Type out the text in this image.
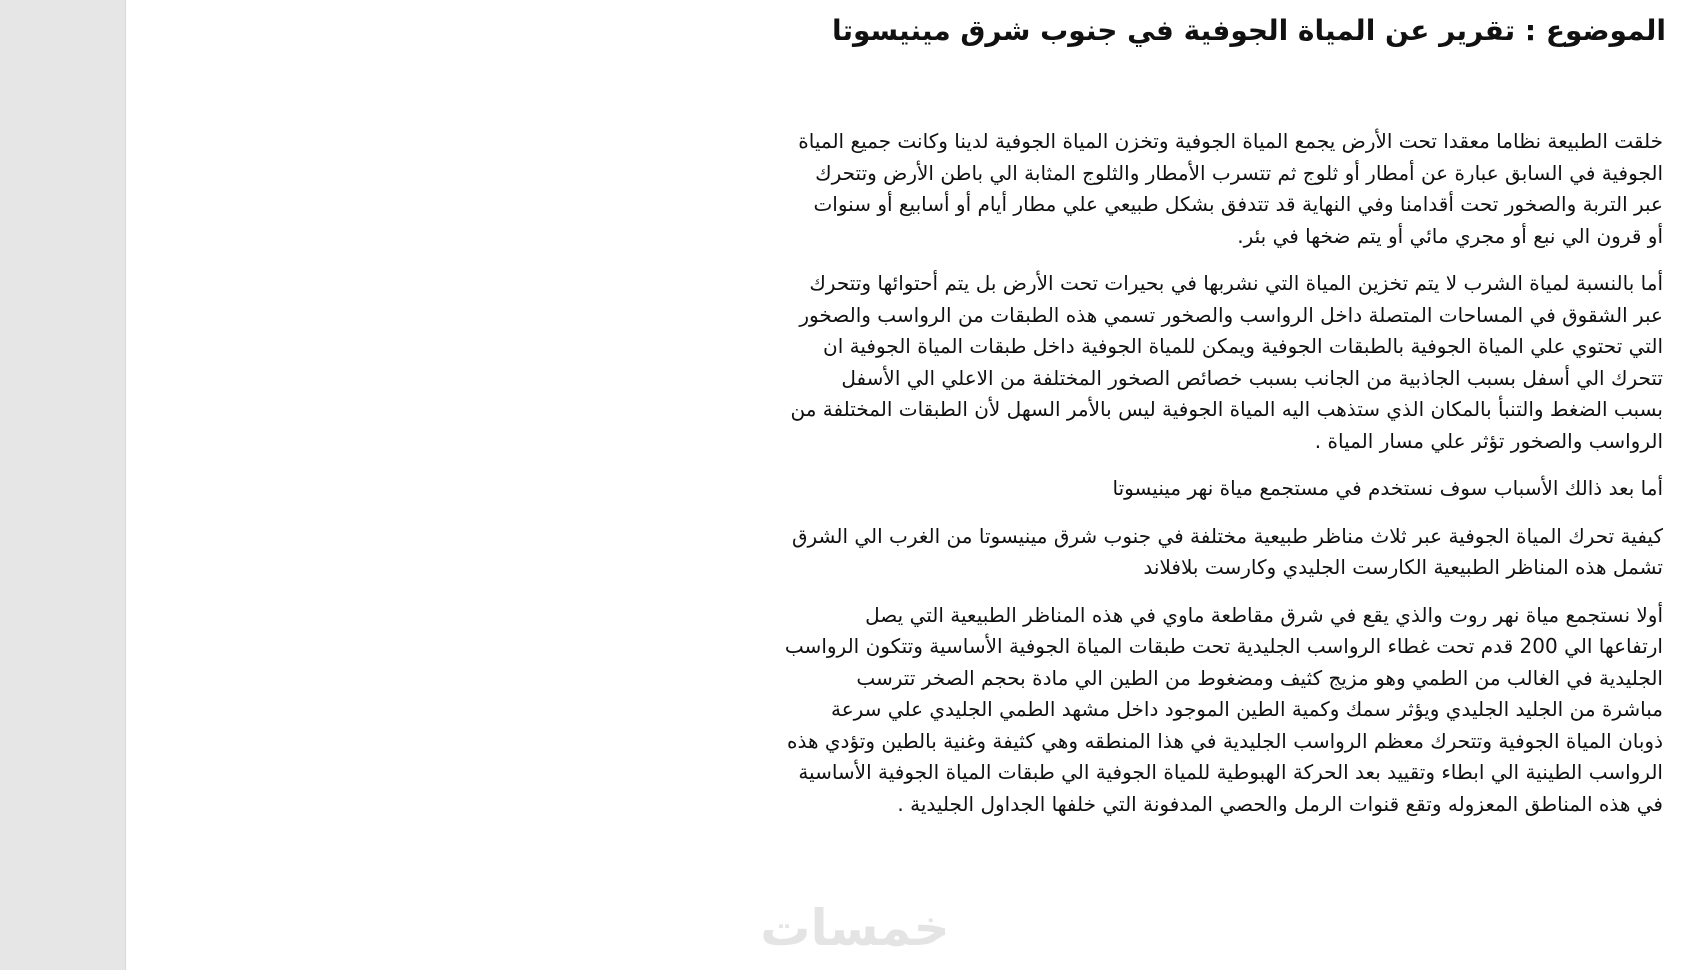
الموضوع : تقرير عن المياة الجوفية في جنوب شرق مينيسوتا

خلقت الطبيعة نظاما معقدا تحت الأرض يجمع المياة الجوفية وتخزن المياة الجوفية لدينا وكانت جميع المياة
الجوفية في السابق عبارة عن أمطار أو ثلوج ثم تتسرب الأمطار والثلوج المثابة الي باطن الأرض وتتحرك
عبر التربة والصخور تحت أقدامنا وفي النهاية قد تتدفق بشكل طبيعي علي مطار أيام أو أسابيع أو سنوات
أو قرون الي نبع أو مجري مائي أو يتم ضخها في بئر.

أما بالنسبة لمياة الشرب لا يتم تخزين المياة التي نشربها في بحيرات تحت الأرض بل يتم أحتوائها وتتحرك
عبر الشقوق في المساحات المتصلة داخل الرواسب والصخور تسمي هذه الطبقات من الرواسب والصخور
التي تحتوي علي المياة الجوفية بالطبقات الجوفية ويمكن للمياة الجوفية داخل طبقات المياة الجوفية ان
تتحرك الي أسفل بسبب الجاذبية من الجانب بسبب خصائص الصخور المختلفة من الاعلي الي الأسفل
بسبب الضغط والتنبأ بالمكان الذي ستذهب اليه المياة الجوفية ليس بالأمر السهل لأن الطبقات المختلفة من
الرواسب والصخور تؤثر علي مسار المياة .

أما بعد ذالك الأسباب سوف نستخدم في مستجمع مياة نهر مينيسوتا

كيفية تحرك المياة الجوفية عبر ثلاث مناظر طبيعية مختلفة في جنوب شرق مينيسوتا من الغرب الي الشرق
تشمل هذه المناظر الطبيعية الكارست الجليدي وكارست بلافلاند

أولا نستجمع مياة نهر روت والذي يقع في شرق مقاطعة ماوي في هذه المناظر الطبيعية التي يصل
ارتفاعها الي 200 قدم تحت غطاء الرواسب الجليدية تحت طبقات المياة الجوفية الأساسية وتتكون الرواسب
الجليدية في الغالب من الطمي وهو مزيج كثيف ومضغوط من الطين الي مادة بحجم الصخر تترسب
مباشرة من الجليد الجليدي ويؤثر سمك وكمية الطين الموجود داخل مشهد الطمي الجليدي علي سرعة
ذوبان المياة الجوفية وتتحرك معظم الرواسب الجليدية في هذا المنطقه وهي كثيفة وغنية بالطين وتؤدي هذه
الرواسب الطينية الي ابطاء وتقييد بعد الحركة الهبوطية للمياة الجوفية الي طبقات المياة الجوفية الأساسية
في هذه المناطق المعزوله وتقع قنوات الرمل والحصي المدفونة التي خلفها الجداول الجليدية .

خمسات
